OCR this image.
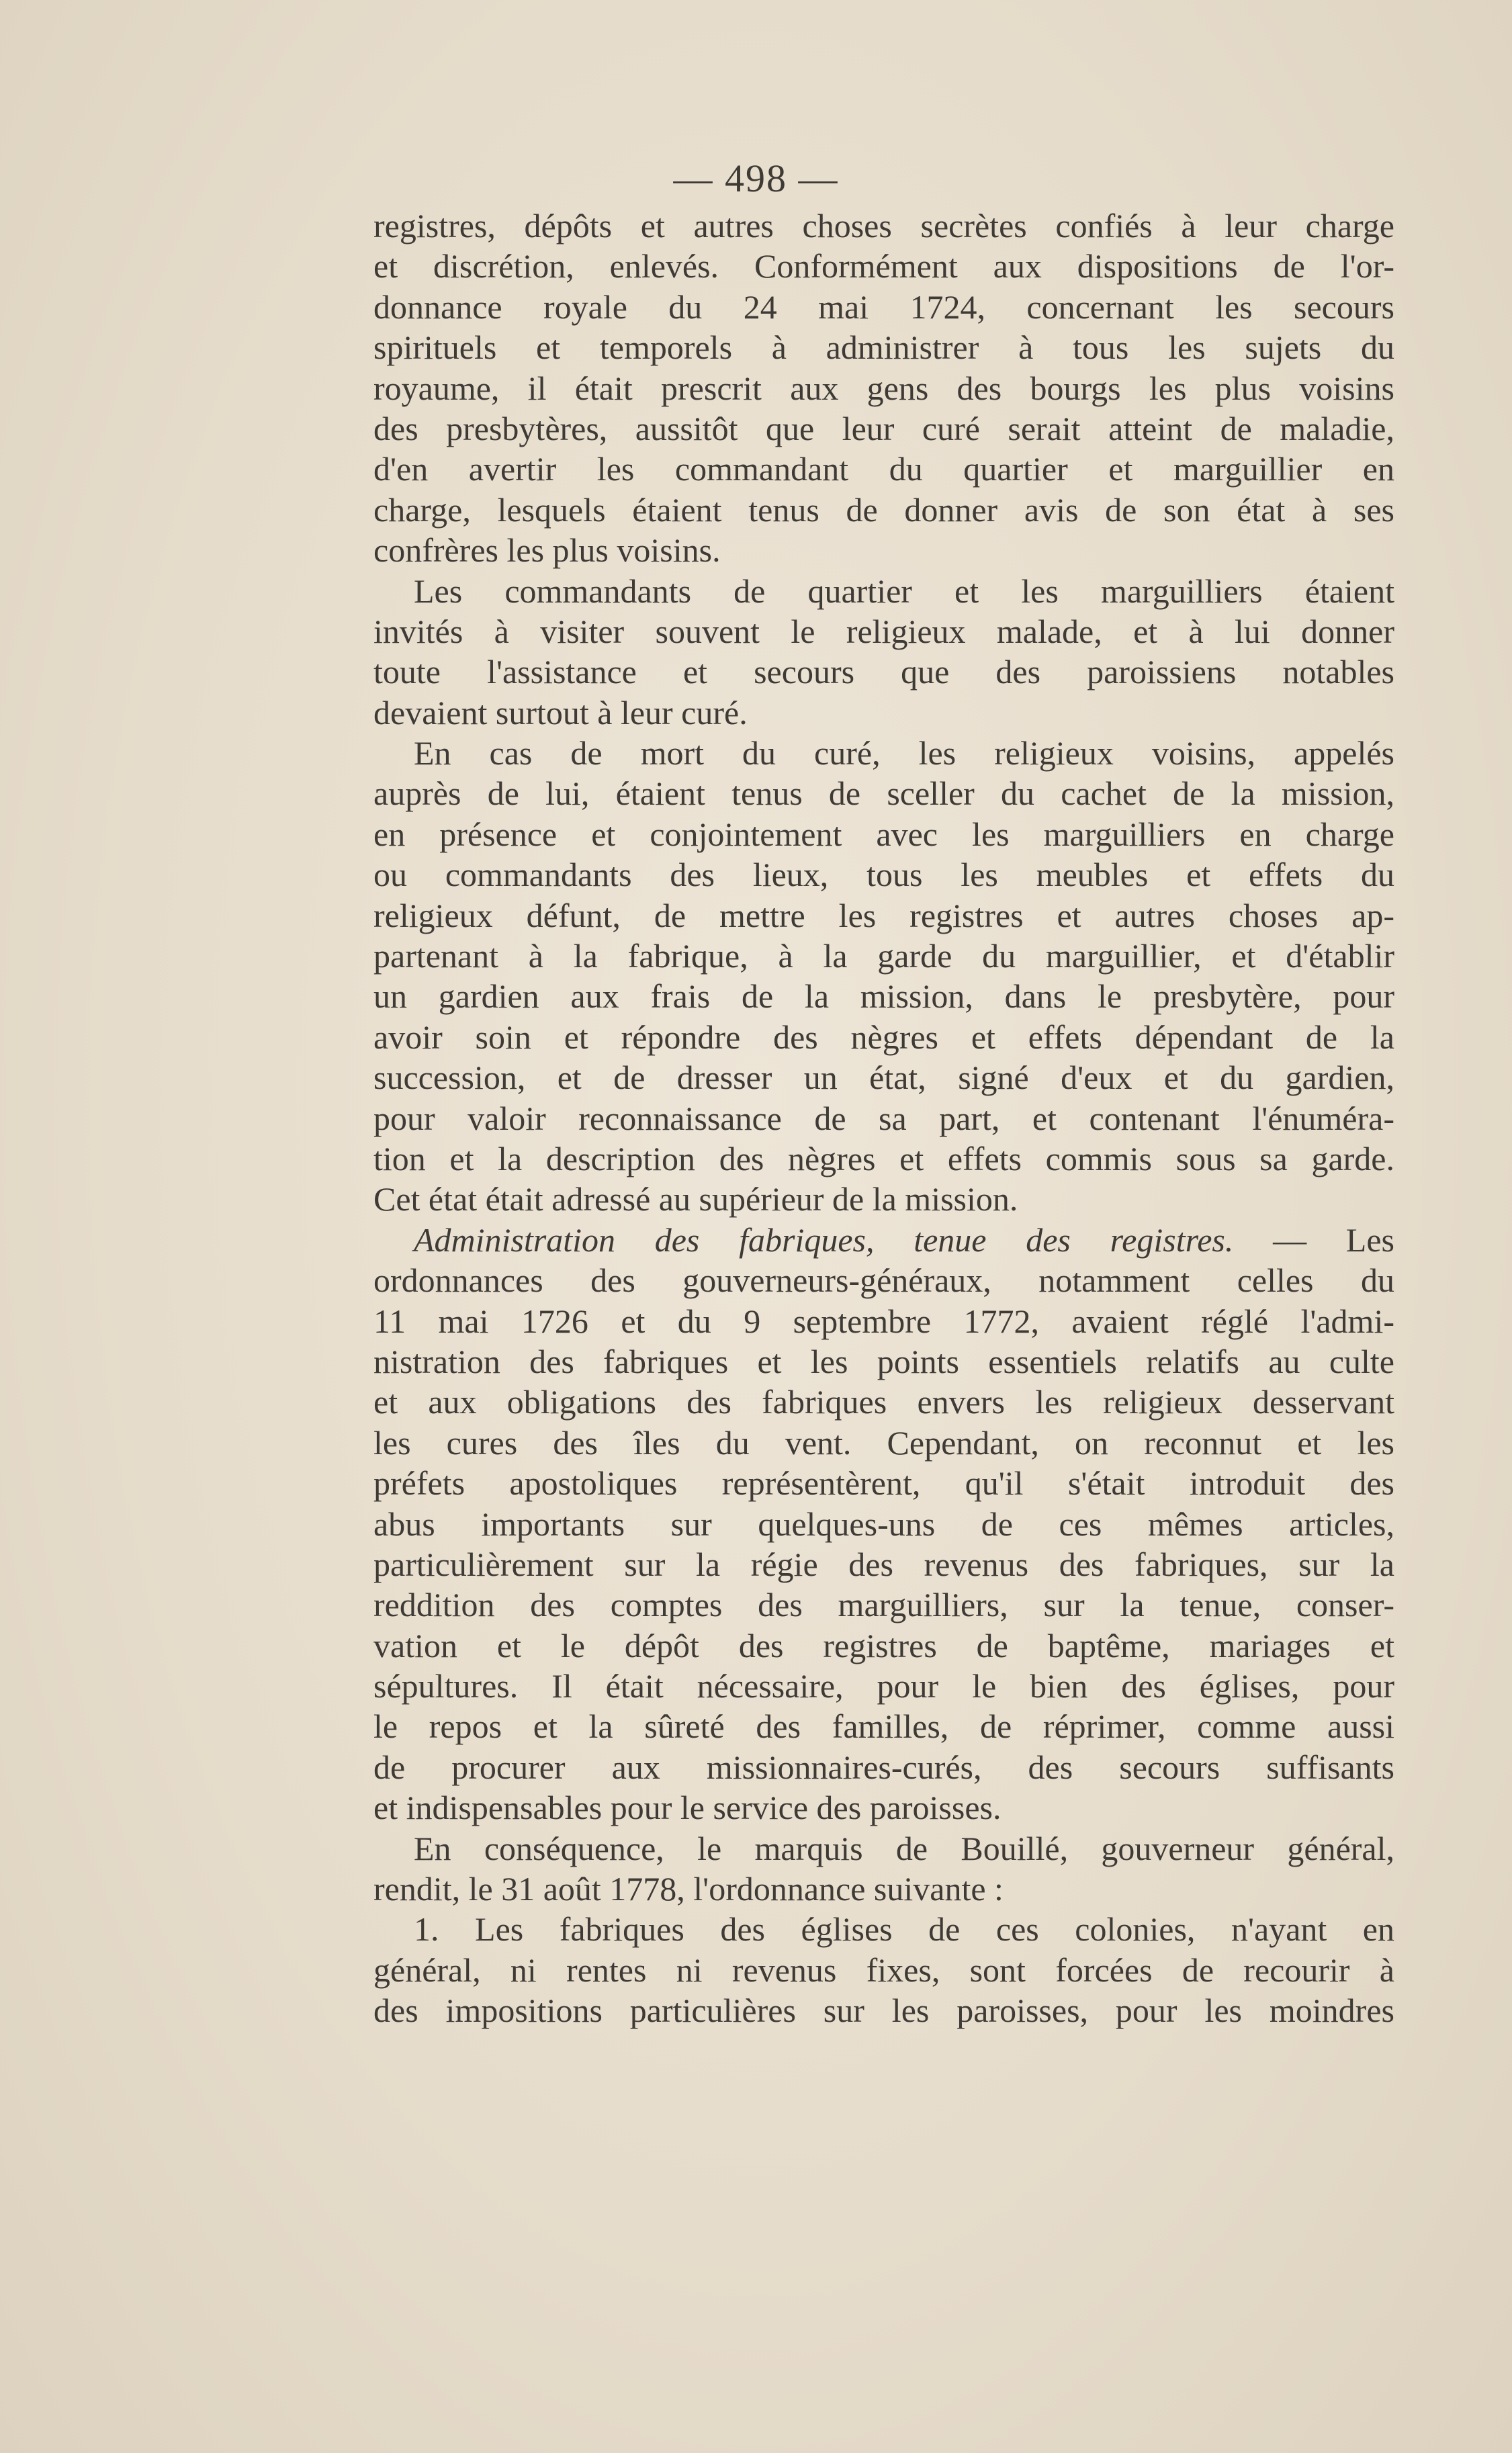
— 498 —
registres, dépôts et autres choses secrètes confiés à leur charge
et discrétion, enlevés. Conformément aux dispositions de l'or-
donnance royale du 24 mai 1724, concernant les secours
spirituels et temporels à administrer à tous les sujets du
royaume, il était prescrit aux gens des bourgs les plus voisins
des presbytères, aussitôt que leur curé serait atteint de maladie,
d'en avertir les commandant du quartier et marguillier en
charge, lesquels étaient tenus de donner avis de son état à ses
confrères les plus voisins.
Les commandants de quartier et les marguilliers étaient
invités à visiter souvent le religieux malade, et à lui donner
toute l'assistance et secours que des paroissiens notables
devaient surtout à leur curé.
En cas de mort du curé, les religieux voisins, appelés
auprès de lui, étaient tenus de sceller du cachet de la mission,
en présence et conjointement avec les marguilliers en charge
ou commandants des lieux, tous les meubles et effets du
religieux défunt, de mettre les registres et autres choses ap-
partenant à la fabrique, à la garde du marguillier, et d'établir
un gardien aux frais de la mission, dans le presbytère, pour
avoir soin et répondre des nègres et effets dépendant de la
succession, et de dresser un état, signé d'eux et du gardien,
pour valoir reconnaissance de sa part, et contenant l'énuméra-
tion et la description des nègres et effets commis sous sa garde.
Cet état était adressé au supérieur de la mission.
Administration des fabriques, tenue des registres. — Les
ordonnances des gouverneurs-généraux, notamment celles du
11 mai 1726 et du 9 septembre 1772, avaient réglé l'admi-
nistration des fabriques et les points essentiels relatifs au culte
et aux obligations des fabriques envers les religieux desservant
les cures des îles du vent. Cependant, on reconnut et les
préfets apostoliques représentèrent, qu'il s'était introduit des
abus importants sur quelques-uns de ces mêmes articles,
particulièrement sur la régie des revenus des fabriques, sur la
reddition des comptes des marguilliers, sur la tenue, conser-
vation et le dépôt des registres de baptême, mariages et
sépultures. Il était nécessaire, pour le bien des églises, pour
le repos et la sûreté des familles, de réprimer, comme aussi
de procurer aux missionnaires-curés, des secours suffisants
et indispensables pour le service des paroisses.
En conséquence, le marquis de Bouillé, gouverneur général,
rendit, le 31 août 1778, l'ordonnance suivante :
1. Les fabriques des églises de ces colonies, n'ayant en
général, ni rentes ni revenus fixes, sont forcées de recourir à
des impositions particulières sur les paroisses, pour les moindres
